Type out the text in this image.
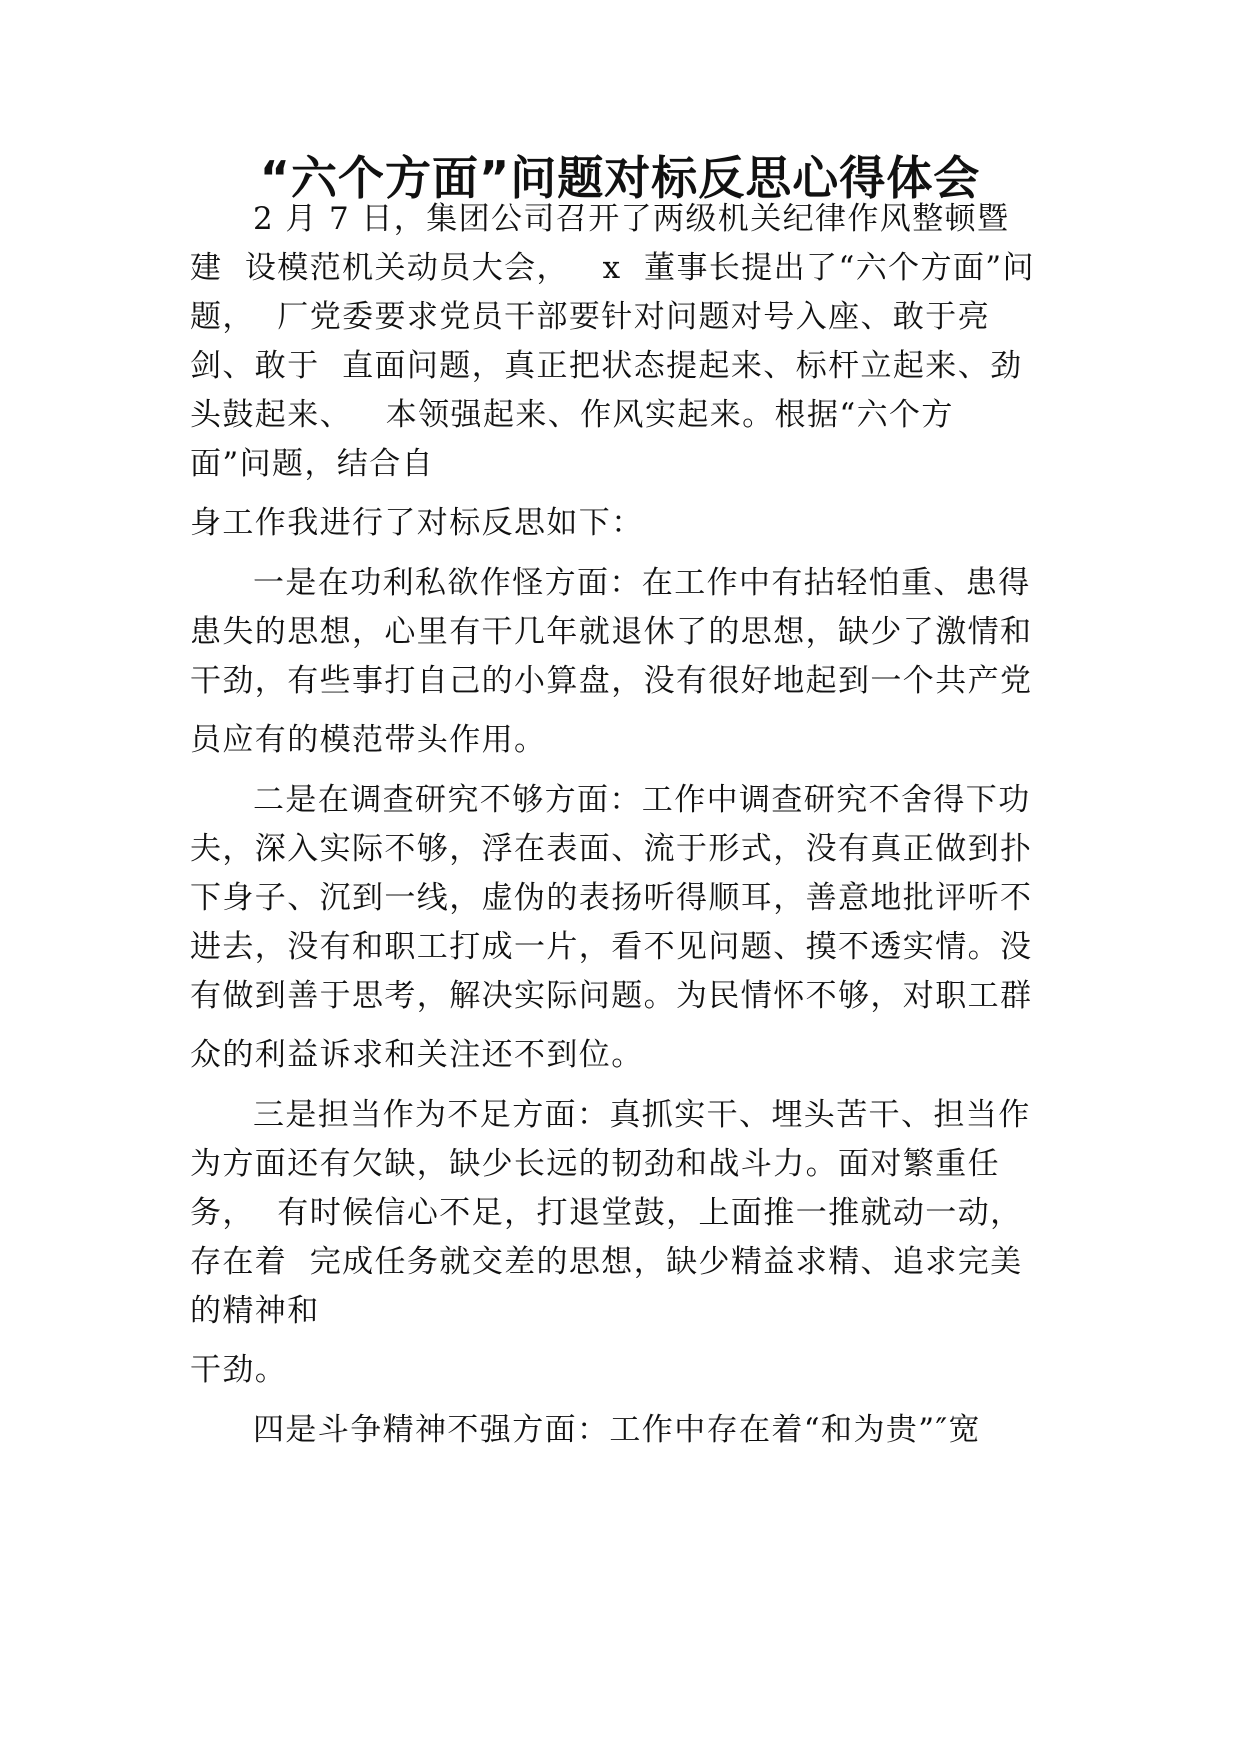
“六个方面”问题对标反思心得体会
2 月 7 日，集团公司召开了两级机关纪律作风整顿暨
建  设模范机关动员大会，   x  董事长提出了“六个方面”问
题，  厂党委要求党员干部要针对问题对号入座、敢于亮
剑、敢于  直面问题，真正把状态提起来、标杆立起来、劲
头鼓起来、   本领强起来、作风实起来。根据“六个方
面”问题，结合自
身工作我进行了对标反思如下：
一是在功利私欲作怪方面：在工作中有拈轻怕重、患得
患失的思想，心里有干几年就退休了的思想，缺少了激情和
干劲，有些事打自己的小算盘，没有很好地起到一个共产党
员应有的模范带头作用。
二是在调查研究不够方面：工作中调查研究不舍得下功
夫，深入实际不够，浮在表面、流于形式，没有真正做到扑
下身子、沉到一线，虚伪的表扬听得顺耳，善意地批评听不
进去，没有和职工打成一片，看不见问题、摸不透实情。没
有做到善于思考，解决实际问题。为民情怀不够，对职工群
众的利益诉求和关注还不到位。
三是担当作为不足方面：真抓实干、埋头苦干、担当作
为方面还有欠缺，缺少长远的韧劲和战斗力。面对繁重任
务，  有时候信心不足，打退堂鼓，上面推一推就动一动，
存在着  完成任务就交差的思想，缺少精益求精、追求完美
的精神和
干劲。
四是斗争精神不强方面：工作中存在着“和为贵”″宽
